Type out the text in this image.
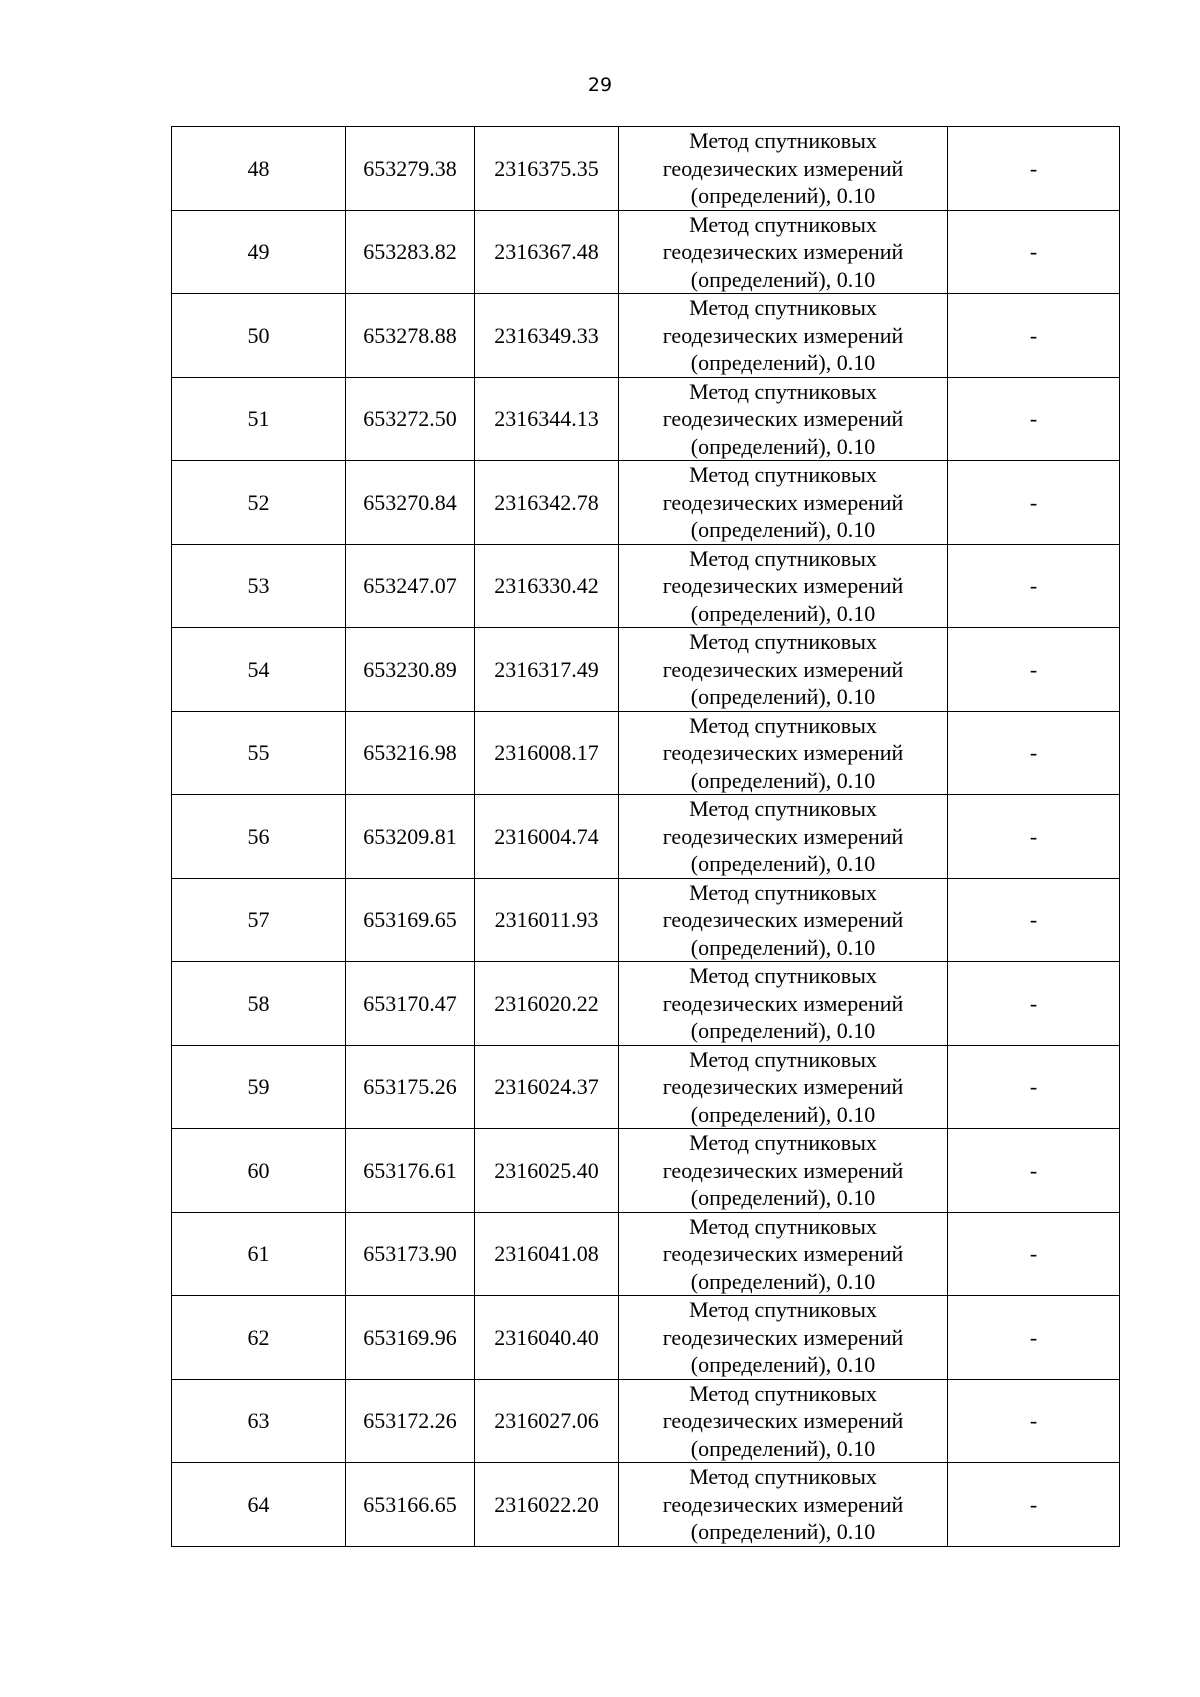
29
48	653279.38	2316375.35	Метод спутниковых
геодезических измерений
(определений), 0.10	-
49	653283.82	2316367.48	Метод спутниковых
геодезических измерений
(определений), 0.10	-
50	653278.88	2316349.33	Метод спутниковых
геодезических измерений
(определений), 0.10	-
51	653272.50	2316344.13	Метод спутниковых
геодезических измерений
(определений), 0.10	-
52	653270.84	2316342.78	Метод спутниковых
геодезических измерений
(определений), 0.10	-
53	653247.07	2316330.42	Метод спутниковых
геодезических измерений
(определений), 0.10	-
54	653230.89	2316317.49	Метод спутниковых
геодезических измерений
(определений), 0.10	-
55	653216.98	2316008.17	Метод спутниковых
геодезических измерений
(определений), 0.10	-
56	653209.81	2316004.74	Метод спутниковых
геодезических измерений
(определений), 0.10	-
57	653169.65	2316011.93	Метод спутниковых
геодезических измерений
(определений), 0.10	-
58	653170.47	2316020.22	Метод спутниковых
геодезических измерений
(определений), 0.10	-
59	653175.26	2316024.37	Метод спутниковых
геодезических измерений
(определений), 0.10	-
60	653176.61	2316025.40	Метод спутниковых
геодезических измерений
(определений), 0.10	-
61	653173.90	2316041.08	Метод спутниковых
геодезических измерений
(определений), 0.10	-
62	653169.96	2316040.40	Метод спутниковых
геодезических измерений
(определений), 0.10	-
63	653172.26	2316027.06	Метод спутниковых
геодезических измерений
(определений), 0.10	-
64	653166.65	2316022.20	Метод спутниковых
геодезических измерений
(определений), 0.10	-
